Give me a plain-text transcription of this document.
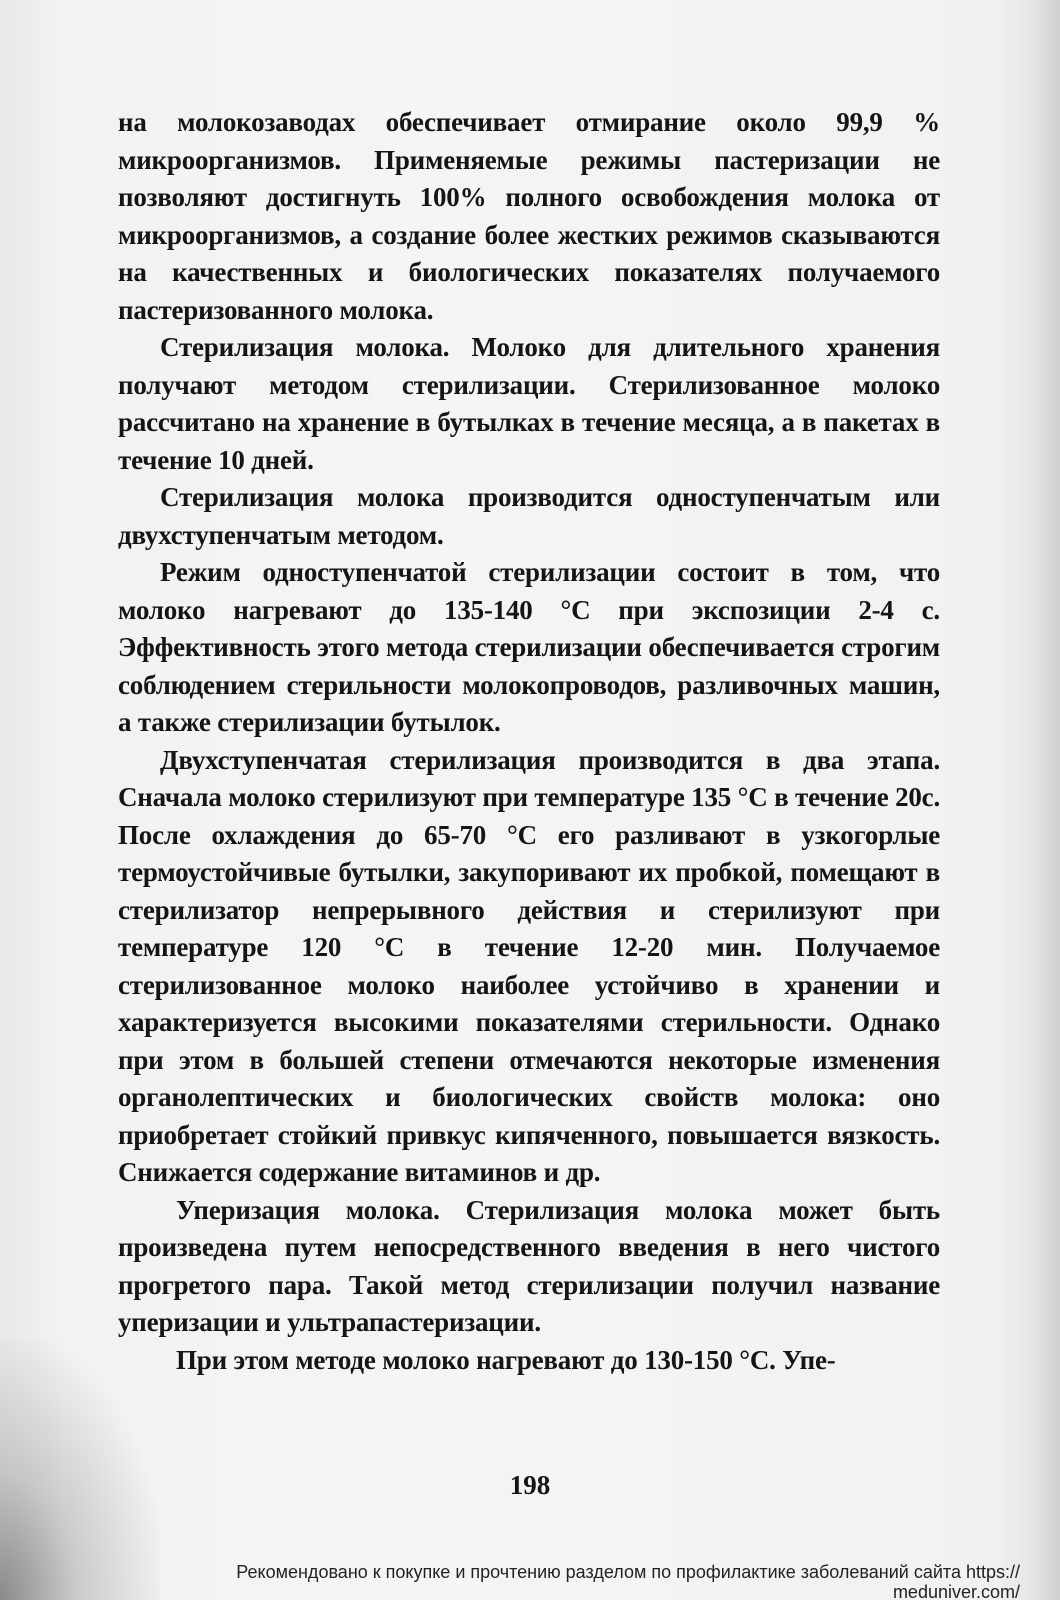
на молокозаводах обеспечивает отмирание около 99,9 % микроорганизмов. Применяемые режимы пастеризации не позволяют достигнуть 100% полного освобождения молока от микроорганизмов, а создание более жестких режимов сказываются на качественных и биологических показателях получаемого пастеризованного молока.

Стерилизация молока. Молоко для длительного хранения получают методом стерилизации. Стерилизованное молоко рассчитано на хранение в бутылках в течение месяца, а в пакетах в течение 10 дней.

Стерилизация молока производится одноступенчатым или двухступенчатым методом.

Режим одноступенчатой стерилизации состоит в том, что молоко нагревают до 135-140 °С при экспозиции 2-4 с. Эффективность этого метода стерилизации обеспечивается строгим соблюдением стерильности молокопроводов, разливочных машин, а также стерилизации бутылок.

Двухступенчатая стерилизация производится в два этапа. Сначала молоко стерилизуют при температуре 135 °С в течение 20с. После охлаждения до 65-70 °С его разливают в узкогорлые термоустойчивые бутылки, закупоривают их пробкой, помещают в стерилизатор непрерывного действия и стерилизуют при температуре 120 °С в течение 12-20 мин. Получаемое стерилизованное молоко наиболее устойчиво в хранении и характеризуется высокими показателями стерильности. Однако при этом в большей степени отмечаются некоторые изменения органолептических и биологических свойств молока: оно приобретает стойкий привкус кипяченного, повышается вязкость. Снижается содержание витаминов и др.

Уперизация молока. Стерилизация молока может быть произведена путем непосредственного введения в него чистого прогретого пара. Такой метод стерилизации получил название уперизации и ультрапастеризации.

При этом методе молоко нагревают до 130-150 °С. Упе-

198
Рекомендовано к покупке и прочтению разделом по профилактике заболеваний сайта https://
meduniver.com/
